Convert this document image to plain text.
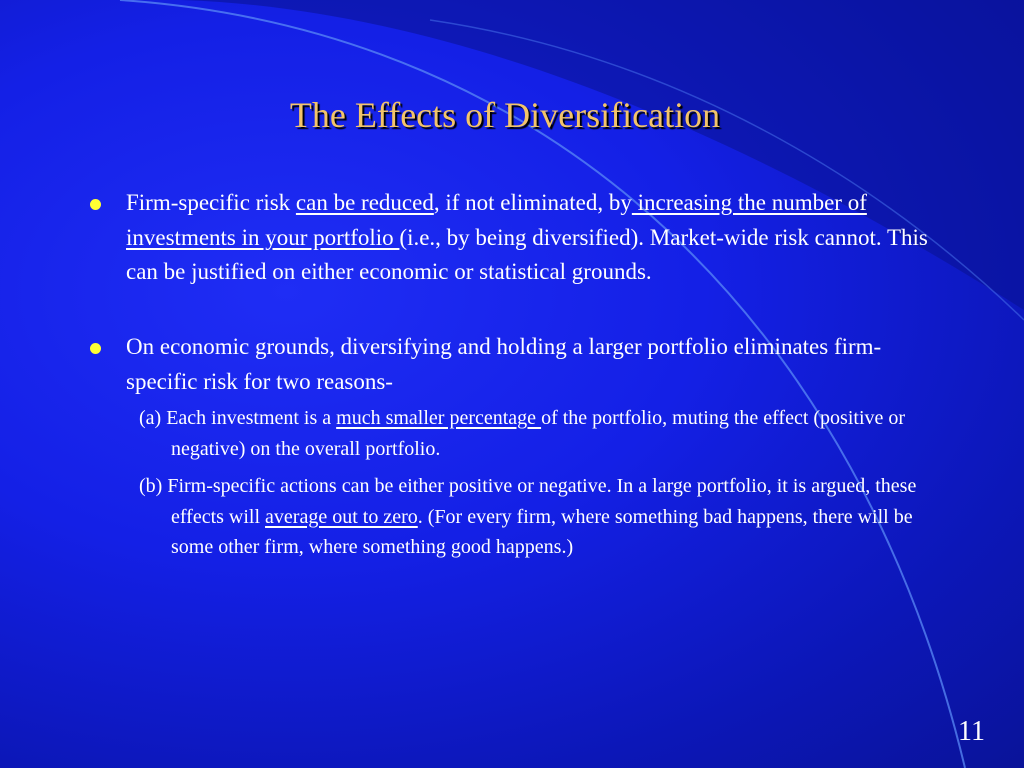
The Effects of Diversification
Firm-specific risk can be reduced, if not eliminated, by increasing the number of investments in your portfolio (i.e., by being diversified). Market-wide risk cannot. This can be justified on either economic or statistical grounds.
On economic grounds, diversifying and holding a larger portfolio eliminates firm-specific risk for two reasons-

(a) Each investment is a much smaller percentage of the portfolio, muting the effect (positive or negative) on the overall portfolio.

(b) Firm-specific actions can be either positive or negative. In a large portfolio, it is argued, these effects will average out to zero. (For every firm, where something bad happens, there will be some other firm, where something good happens.)

11
